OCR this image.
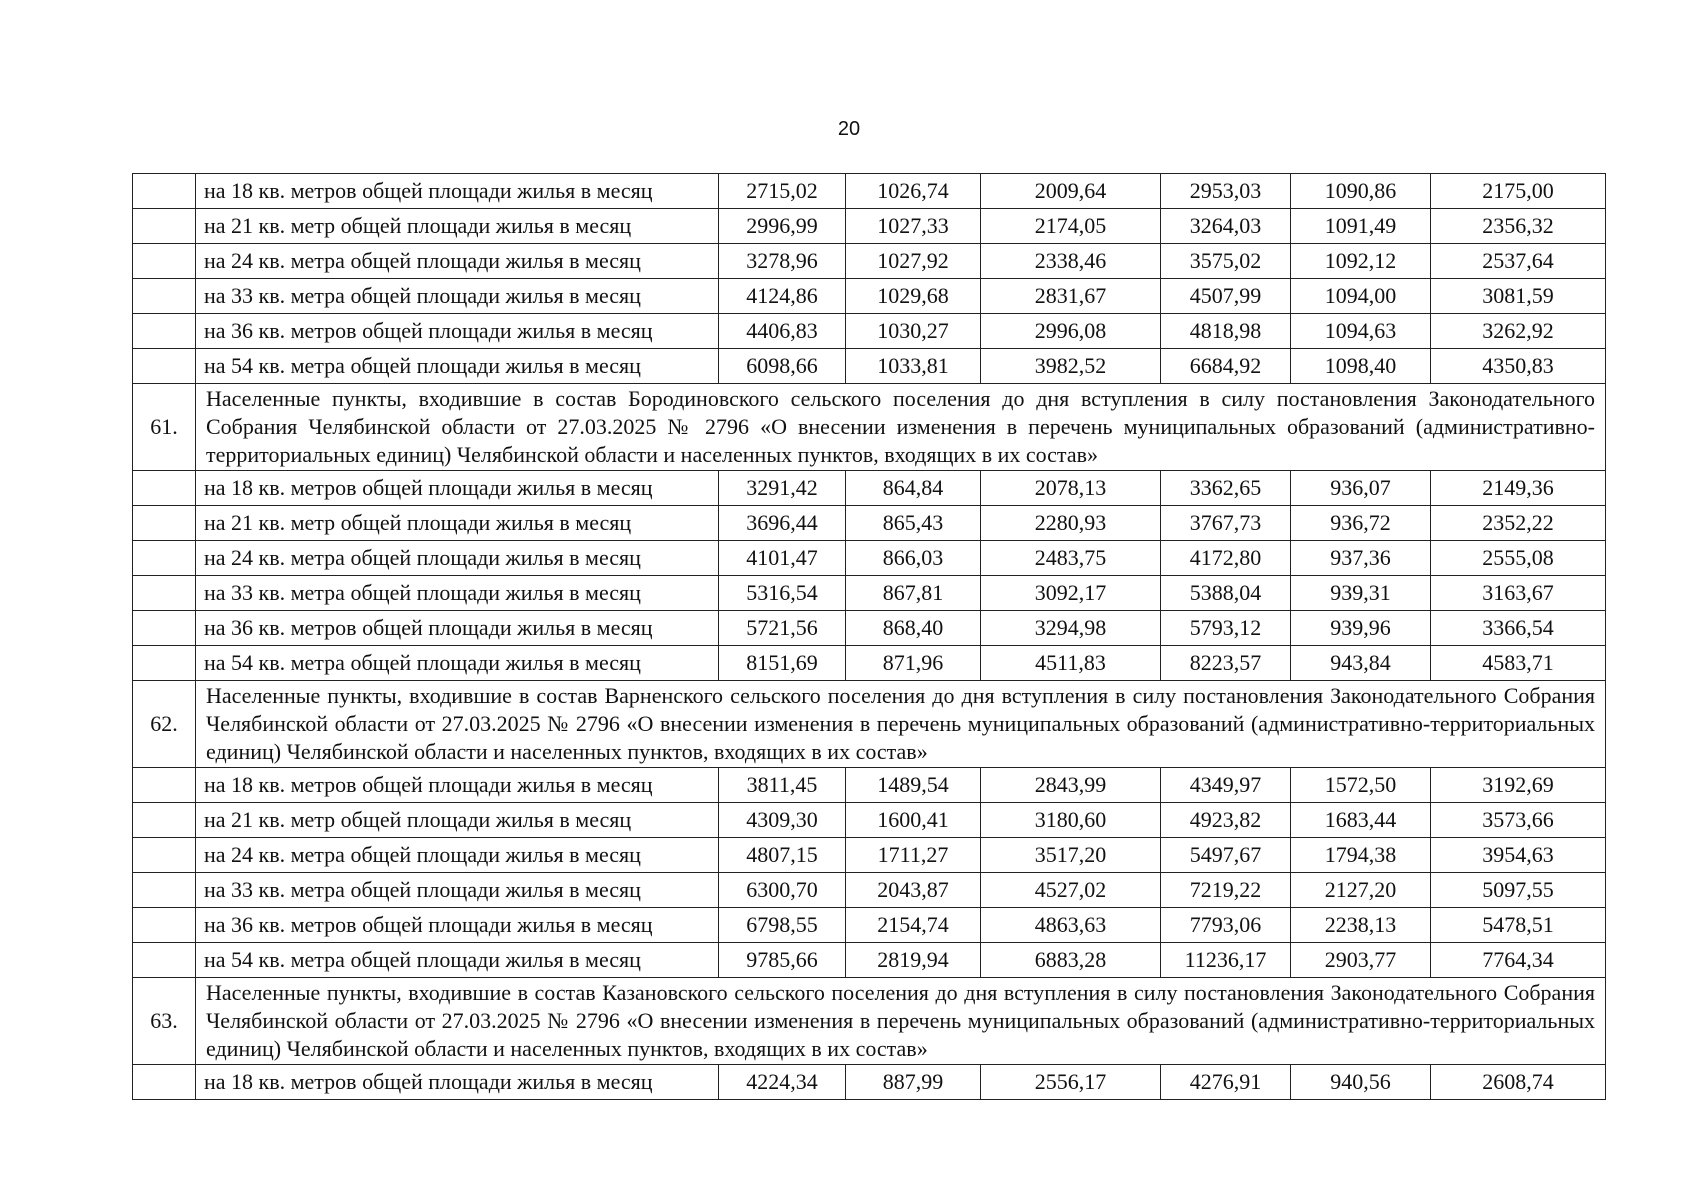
20
	на 18 кв. метров общей площади жилья в месяц	2715,02	1026,74	2009,64	2953,03	1090,86	2175,00
	на 21 кв. метр общей площади жилья в месяц	2996,99	1027,33	2174,05	3264,03	1091,49	2356,32
	на 24 кв. метра общей площади жилья в месяц	3278,96	1027,92	2338,46	3575,02	1092,12	2537,64
	на 33 кв. метра общей площади жилья в месяц	4124,86	1029,68	2831,67	4507,99	1094,00	3081,59
	на 36 кв. метров общей площади жилья в месяц	4406,83	1030,27	2996,08	4818,98	1094,63	3262,92
	на 54 кв. метра общей площади жилья в месяц	6098,66	1033,81	3982,52	6684,92	1098,40	4350,83
61.	Населенные пункты, входившие в состав Бородиновского сельского поселения до дня вступления в силу постановления Законодательного Собрания Челябинской области от 27.03.2025 № 2796 «О внесении изменения в перечень муниципальных образований (административно-территориальных единиц) Челябинской области и населенных пунктов, входящих в их состав»						
	на 18 кв. метров общей площади жилья в месяц	3291,42	864,84	2078,13	3362,65	936,07	2149,36
	на 21 кв. метр общей площади жилья в месяц	3696,44	865,43	2280,93	3767,73	936,72	2352,22
	на 24 кв. метра общей площади жилья в месяц	4101,47	866,03	2483,75	4172,80	937,36	2555,08
	на 33 кв. метра общей площади жилья в месяц	5316,54	867,81	3092,17	5388,04	939,31	3163,67
	на 36 кв. метров общей площади жилья в месяц	5721,56	868,40	3294,98	5793,12	939,96	3366,54
	на 54 кв. метра общей площади жилья в месяц	8151,69	871,96	4511,83	8223,57	943,84	4583,71
62.	Населенные пункты, входившие в состав Варненского сельского поселения до дня вступления в силу постановления Законодательного Собрания Челябинской области от 27.03.2025 № 2796 «О внесении изменения в перечень муниципальных образований (административно-территориальных единиц) Челябинской области и населенных пунктов, входящих в их состав»						
	на 18 кв. метров общей площади жилья в месяц	3811,45	1489,54	2843,99	4349,97	1572,50	3192,69
	на 21 кв. метр общей площади жилья в месяц	4309,30	1600,41	3180,60	4923,82	1683,44	3573,66
	на 24 кв. метра общей площади жилья в месяц	4807,15	1711,27	3517,20	5497,67	1794,38	3954,63
	на 33 кв. метра общей площади жилья в месяц	6300,70	2043,87	4527,02	7219,22	2127,20	5097,55
	на 36 кв. метров общей площади жилья в месяц	6798,55	2154,74	4863,63	7793,06	2238,13	5478,51
	на 54 кв. метра общей площади жилья в месяц	9785,66	2819,94	6883,28	11236,17	2903,77	7764,34
63.	Населенные пункты, входившие в состав Казановского сельского поселения до дня вступления в силу постановления Законодательного Собрания Челябинской области от 27.03.2025 № 2796 «О внесении изменения в перечень муниципальных образований (административно-территориальных единиц) Челябинской области и населенных пунктов, входящих в их состав»						
	на 18 кв. метров общей площади жилья в месяц	4224,34	887,99	2556,17	4276,91	940,56	2608,74
